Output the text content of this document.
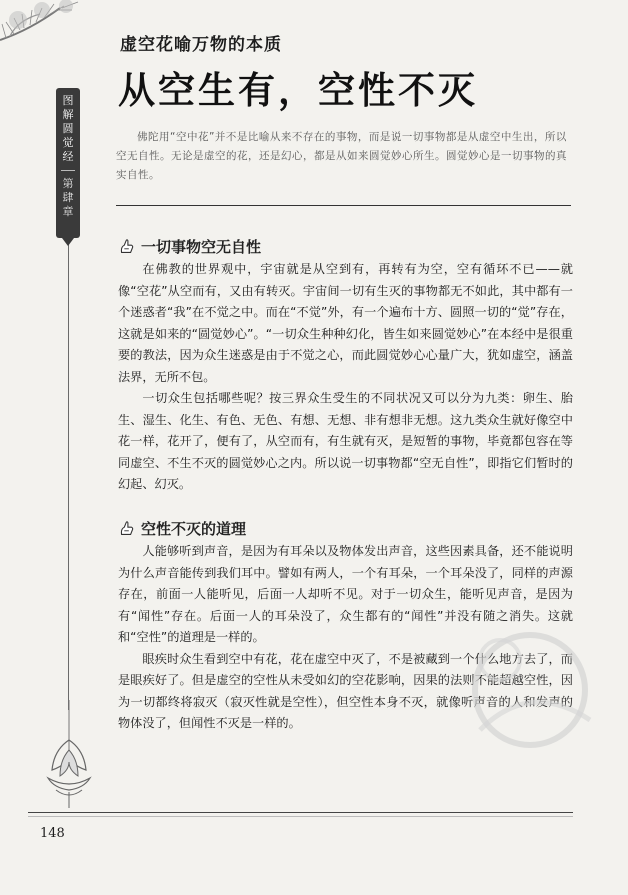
图解圆觉经
第肆章
虚空花喻万物的本质
从空生有，空性不灭
佛陀用“空中花”并不是比喻从来不存在的事物，而是说一切事物都是从虚空中生出，所以空无自性。无论是虚空的花，还是幻心，都是从如来圆觉妙心所生。圆觉妙心是一切事物的真实自性。
一切事物空无自性

在佛教的世界观中，宇宙就是从空到有，再转有为空，空有循环不已——就像“空花”从空而有，又由有转灭。宇宙间一切有生灭的事物都无不如此，其中都有一个迷惑者“我”在不觉之中。而在“不觉”外，有一个遍布十方、圆照一切的“觉”存在，这就是如来的“圆觉妙心”。“一切众生种种幻化，皆生如来圆觉妙心”在本经中是很重要的教法，因为众生迷惑是由于不觉之心，而此圆觉妙心心量广大，犹如虚空，涵盖法界，无所不包。

一切众生包括哪些呢？按三界众生受生的不同状况又可以分为九类：卵生、胎生、湿生、化生、有色、无色、有想、无想、非有想非无想。这九类众生就好像空中花一样，花开了，便有了，从空而有，有生就有灭，是短暂的事物，毕竟都包容在等同虚空、不生不灭的圆觉妙心之内。所以说一切事物都“空无自性”，即指它们暂时的幻起、幻灭。

空性不灭的道理

人能够听到声音，是因为有耳朵以及物体发出声音，这些因素具备，还不能说明为什么声音能传到我们耳中。譬如有两人，一个有耳朵，一个耳朵没了，同样的声源存在，前面一人能听见，后面一人却听不见。对于一切众生，能听见声音，是因为有“闻性”存在。后面一人的耳朵没了，众生都有的“闻性”并没有随之消失。这就和“空性”的道理是一样的。

眼疾时众生看到空中有花，花在虚空中灭了，不是被藏到一个什么地方去了，而是眼疾好了。但是虚空的空性从未受如幻的空花影响，因果的法则不能超越空性，因为一切都终将寂灭（寂灭性就是空性），但空性本身不灭，就像听声音的人和发声的物体没了，但闻性不灭是一样的。

148
